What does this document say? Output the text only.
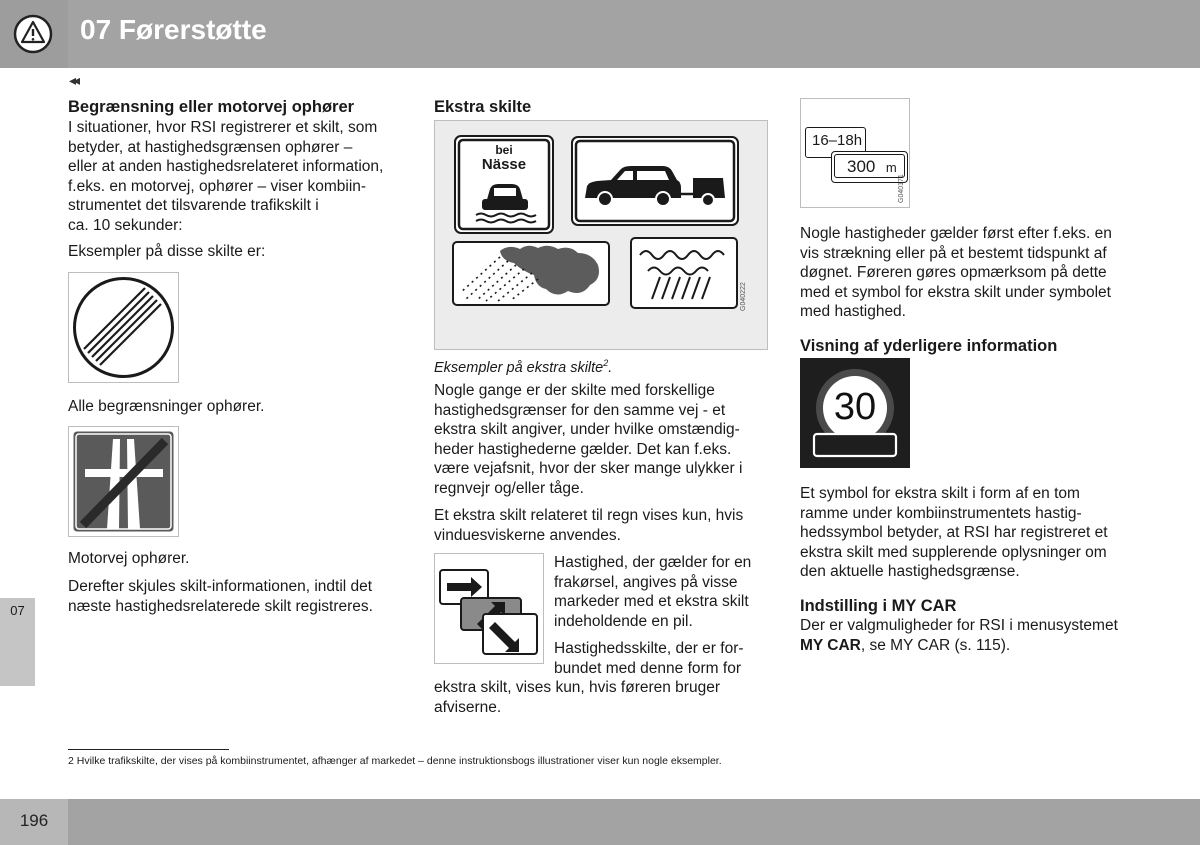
07 Førerstøtte
◂◂
Begrænsning eller motorvej ophører
I situationer, hvor RSI registrerer et skilt, som
betyder, at hastighedsgrænsen ophører –
eller at anden hastighedsrelateret information,
f.eks. en motorvej, ophører – viser kombiin-
strumentet det tilsvarende trafikskilt i
ca. 10 sekunder:
Eksempler på disse skilte er:
Alle begrænsninger ophører.
Motorvej ophører.
Derefter skjules skilt-informationen, indtil det
næste hastighedsrelaterede skilt registreres.
Ekstra skilte
bei
Nässe
G040222
Eksempler på ekstra skilte$^2$.
Nogle gange er der skilte med forskellige
hastighedsgrænser for den samme vej - et
ekstra skilt angiver, under hvilke omstændig-
heder hastighederne gælder. Det kan f.eks.
være vejafsnit, hvor der sker mange ulykker i
regnvejr og/eller tåge.
Et ekstra skilt relateret til regn vises kun, hvis
vinduesviskerne anvendes.
Hastighed, der gælder for en
frakørsel, angives på visse
markeder med et ekstra skilt
indeholdende en pil.
Hastighedsskilte, der er for-
bundet med denne form for
ekstra skilt, vises kun, hvis føreren bruger
afviserne.
16–18h
300 m
G040171
Nogle hastigheder gælder først efter f.eks. en
vis strækning eller på et bestemt tidspunkt af
døgnet. Føreren gøres opmærksom på dette
med et symbol for ekstra skilt under symbolet
med hastighed.
Visning af yderligere information
30
Et symbol for ekstra skilt i form af en tom
ramme under kombiinstrumentets hastig-
hedssymbol betyder, at RSI har registreret et
ekstra skilt med supplerende oplysninger om
den aktuelle hastighedsgrænse.
Indstilling i MY CAR
Der er valgmuligheder for RSI i menusystemet
MY CAR, se MY CAR (s. 115).
07
2 Hvilke trafikskilte, der vises på kombiinstrumentet, afhænger af markedet – denne instruktionsbogs illustrationer viser kun nogle eksempler.
196
